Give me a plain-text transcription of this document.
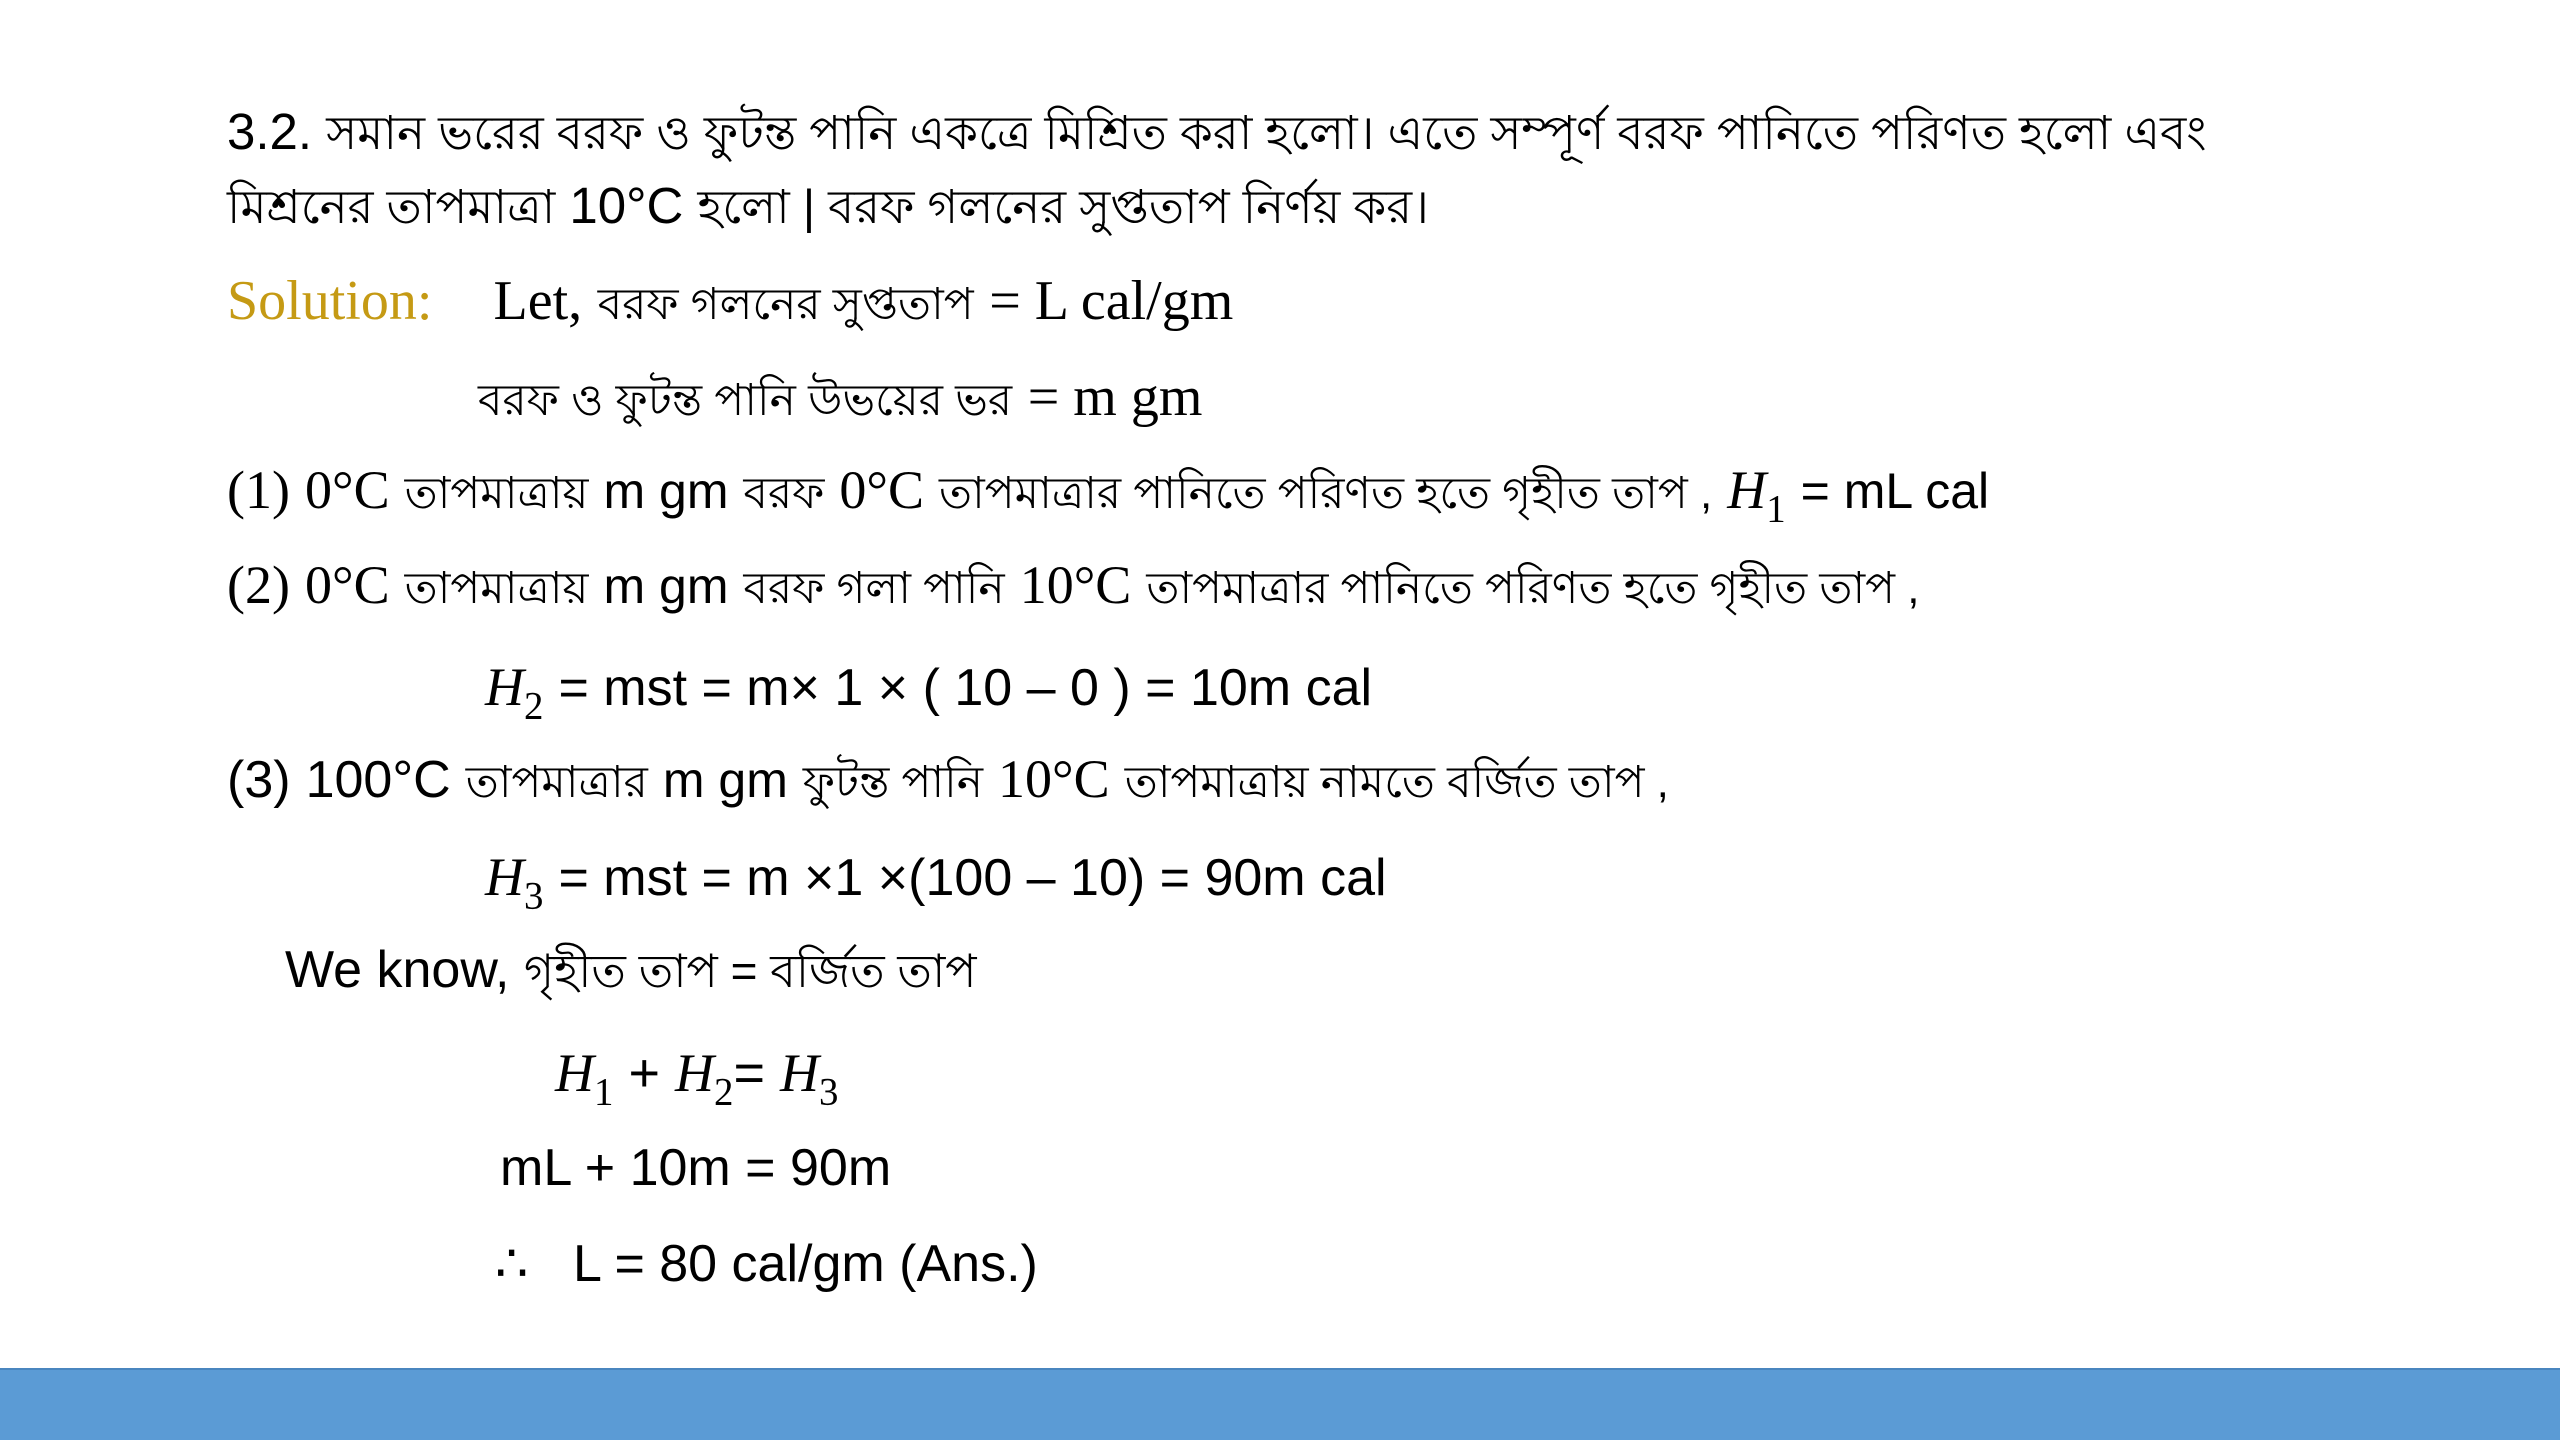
3.2. সমান ভরের বরফ ও ফুটন্ত পানি একত্রে মিশ্রিত করা হলো। এতে সম্পূর্ণ বরফ পানিতে পরিণত হলো এবং
মিশ্রনের তাপমাত্রা 10°C হলো | বরফ গলনের সুপ্ততাপ নির্ণয় কর।
Solution: Let, বরফ গলনের সুপ্ততাপ = L cal/gm
বরফ ও ফুটন্ত পানি উভয়ের ভর = m gm
(1) 0°C তাপমাত্রায় m gm বরফ 0°C তাপমাত্রার পানিতে পরিণত হতে গৃহীত তাপ , $H_1$ = mL cal
(2) 0°C তাপমাত্রায় m gm বরফ গলা পানি 10°C তাপমাত্রার পানিতে পরিণত হতে গৃহীত তাপ ,
$H_2$ = mst = m× 1 × ( 10 – 0 ) = 10m cal
(3) 100°C তাপমাত্রার m gm ফুটন্ত পানি 10°C তাপমাত্রায় নামতে বর্জিত তাপ ,
$H_3$ = mst = m ×1 ×(100 – 10) = 90m cal
We know, গৃহীত তাপ = বর্জিত তাপ
$H_1 + H_2= H_3$
mL + 10m = 90m
∴ L = 80 cal/gm (Ans.)
